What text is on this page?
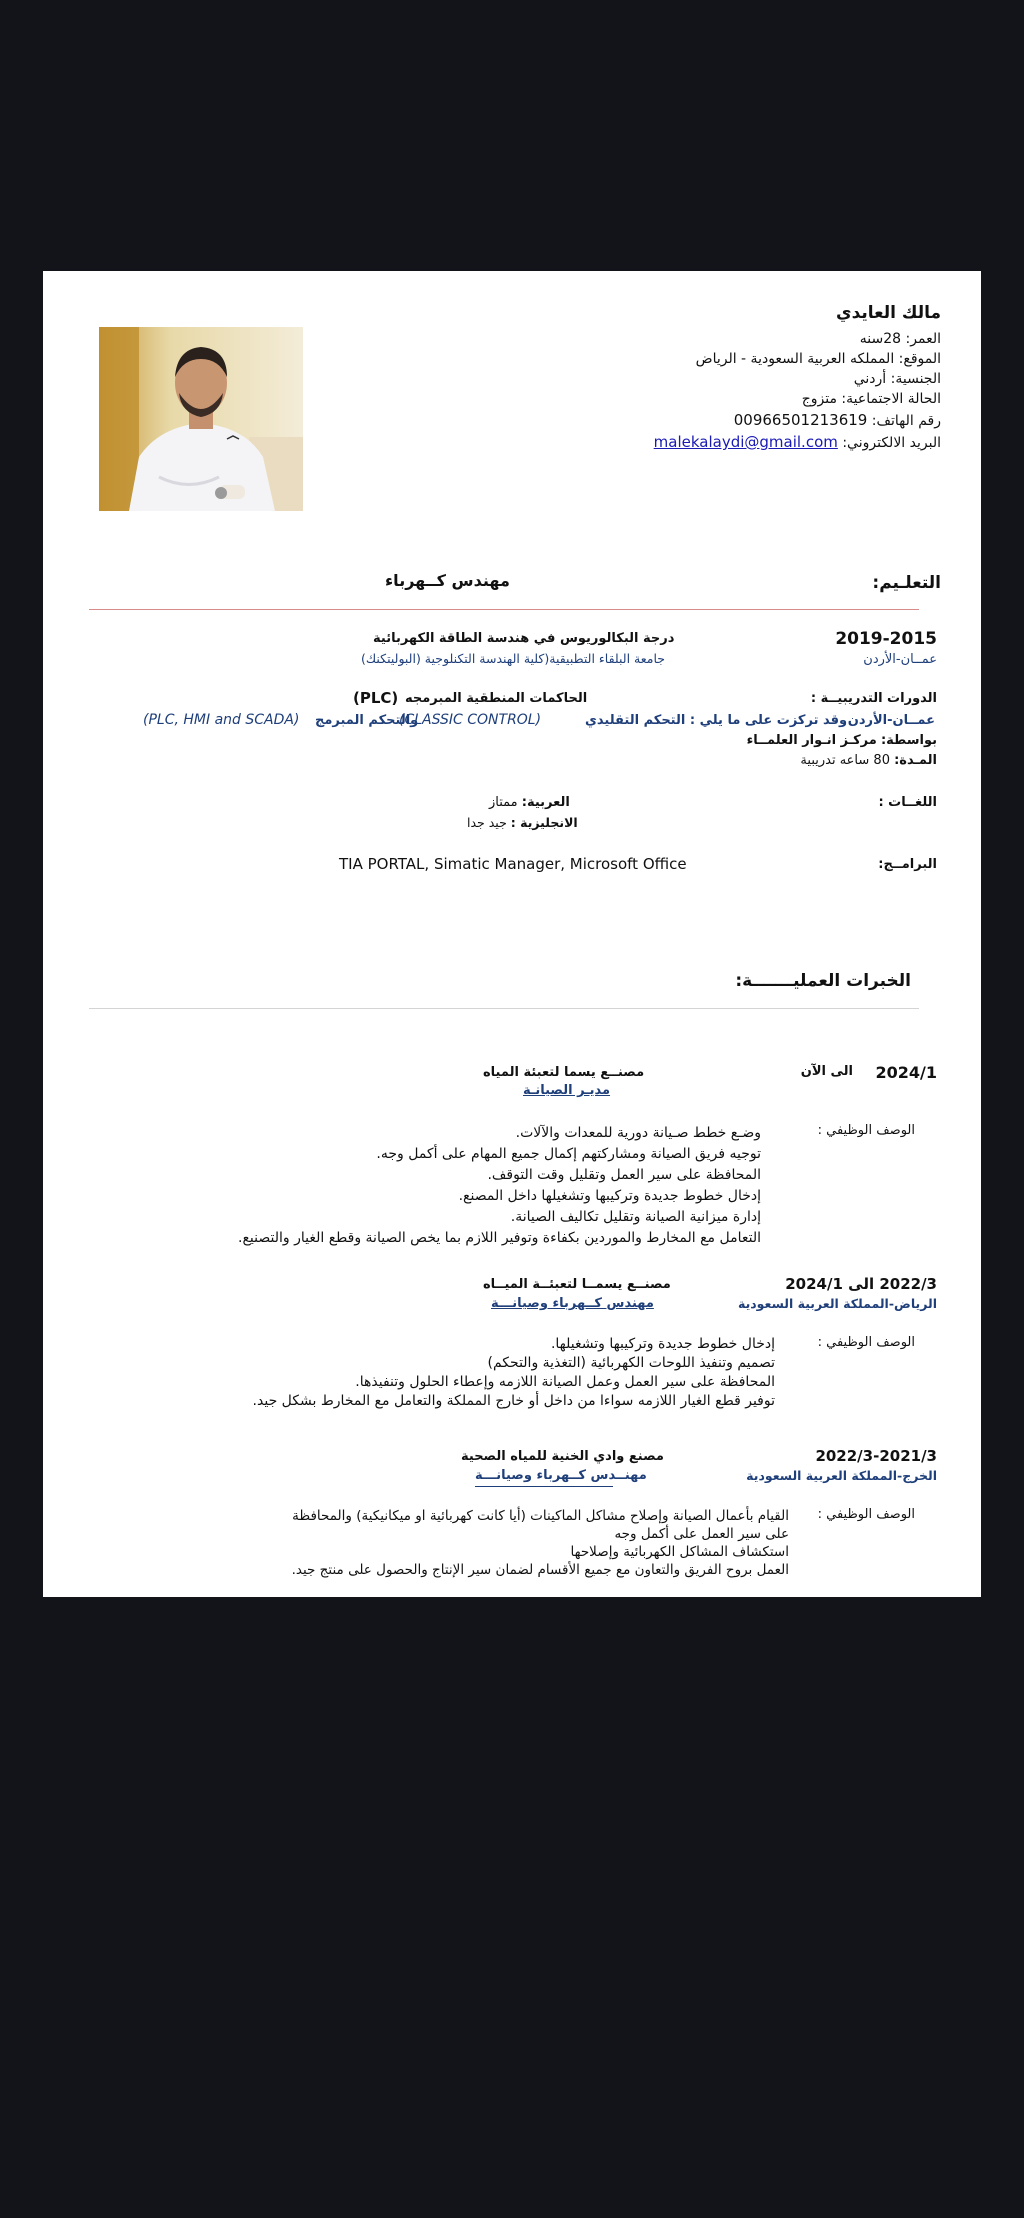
مالك العايدي
العمر: 28سنه
الموقع: المملكه العربية السعودية - الرياض
الجنسية: أردني
الحالة الاجتماعية: متزوج
رقم الهاتف: 00966501213619
البريد الالكتروني: malekalaydi@gmail.com
مهندس كــهرباء	التعلـيم:
2019-2015
عمــان-الأردن
درجة البكالوريوس في هندسة الطاقة الكهربائية
جامعة البلقاء التطبيقية(كلية الهندسة التكنلوجية (البوليتكنك)
الدورات التدريبيــة :
الحاكمات المنطقية المبرمجه
(PLC)
عمــان-الأردن
وقد تركزت على ما يلي : التحكم التقليدي
(CLASSIC CONTROL)
والتحكم المبرمج
(PLC, HMI and SCADA)
بواسطة: مركـز انـوار العلمــاء
المـدة: 80 ساعه تدريبية
اللغــات :
العربية: ممتاز
الانجليزية : جيد جدا
البرامــج:
TIA PORTAL, Simatic Manager, Microsoft Office
الخبرات العمليـــــــة:
2024/1
الى الآن
مصنــع يسما لتعبئة المياه
مديـر الصيانـة
الوصف الوظيفي :
وضـع خطط صـيانة دورية للمعدات والآلات.
توجيه فريق الصيانة ومشاركتهم إكمال جميع المهام على أكمل وجه.
المحافظة على سير العمل وتقليل وقت التوقف.
إدخال خطوط جديدة وتركيبها وتشغيلها داخل المصنع.
إدارة ميزانية الصيانة وتقليل تكاليف الصيانة.
التعامل مع المخارط والموردين بكفاءة وتوفير اللازم بما يخص الصيانة وقطع الغيار والتصنيع.
2022/3 الى 2024/1
الرياض-المملكة العربية السعودية
مصنــع يسمــا لتعبئــة الميــاه
مهندس كــهرباء وصيانـــة
الوصف الوظيفي :
إدخال خطوط جديدة وتركيبها وتشغيلها.
تصميم وتنفيذ اللوحات الكهربائية (التغذية والتحكم)
المحافظة على سير العمل وعمل الصيانة اللازمه وإعطاء الحلول وتنفيذها.
توفير قطع الغيار اللازمه سواءا من داخل أو خارج المملكة والتعامل مع المخارط بشكل جيد.
2022/3-2021/3
الخرج-المملكة العربية السعودية
مصنع وادي الخنية للمياه الصحية
مهنــدس كــهرباء وصيانـــة
الوصف الوظيفي :
القيام بأعمال الصيانة وإصلاح مشاكل الماكينات (أيا كانت كهربائية او ميكانيكية) والمحافظة
على سير العمل على أكمل وجه
استكشاف المشاكل الكهربائية وإصلاحها
العمل بروح الفريق والتعاون مع جميع الأقسام لضمان سير الإنتاج والحصول على منتج جيد.
